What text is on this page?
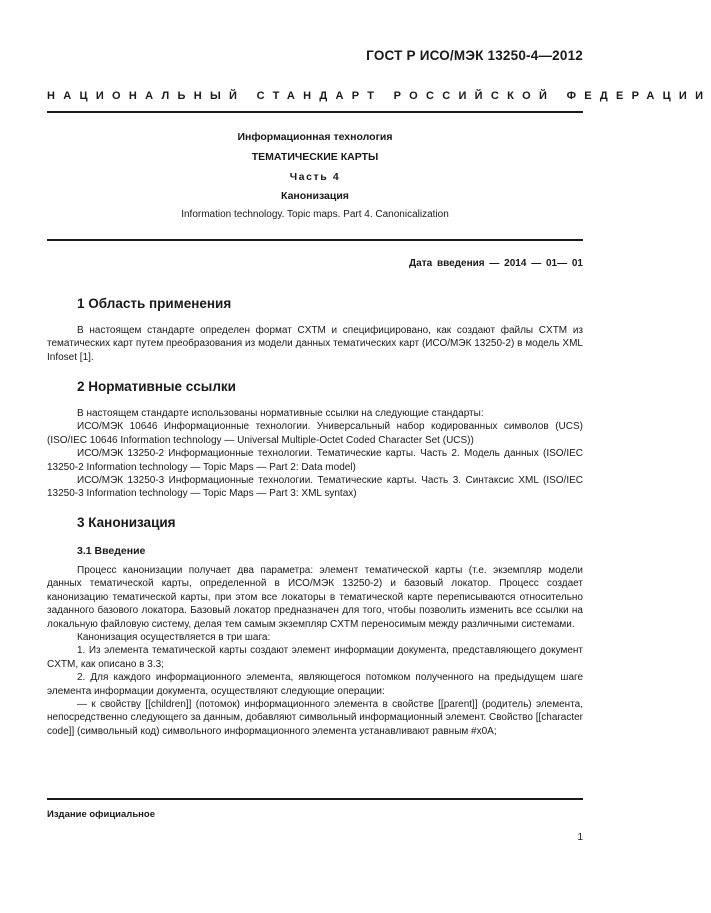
ГОСТ Р ИСО/МЭК 13250-4—2012
НАЦИОНАЛЬНЫЙ СТАНДАРТ РОССИЙСКОЙ ФЕДЕРАЦИИ
Информационная технология
ТЕМАТИЧЕСКИЕ КАРТЫ
Часть 4
Канонизация
Information technology. Topic maps. Part 4. Canonicalization
Дата введения — 2014 — 01— 01
1 Область применения

В настоящем стандарте определен формат CXTM и специфицировано, как создают файлы CXTM из тематических карт путем преобразования из модели данных тематических карт (ИСО/МЭК 13250-2) в модель XML Infoset [1].

2 Нормативные ссылки

В настоящем стандарте использованы нормативные ссылки на следующие стандарты:

ИСО/МЭК 10646 Информационные технологии. Универсальный набор кодированных символов (UCS) (ISO/IEC 10646 Information technology — Universal Multiple-Octet Coded Character Set (UCS))

ИСО/МЭК 13250-2 Информационные технологии. Тематические карты. Часть 2. Модель данных (ISO/IEC 13250-2 Information technology — Topic Maps — Part 2: Data model)

ИСО/МЭК 13250-3 Информационные технологии. Тематические карты. Часть 3. Синтаксис XML (ISO/IEC 13250-3 Information technology — Topic Maps — Part 3: XML syntax)

3 Канонизация
3.1 Введение

Процесс канонизации получает два параметра: элемент тематической карты (т.е. экземпляр модели данных тематической карты, определенной в ИСО/МЭК 13250-2) и базовый локатор. Процесс создает канонизацию тематической карты, при этом все локаторы в тематической карте переписываются относительно заданного базового локатора. Базовый локатор предназначен для того, чтобы позволить изменить все ссылки на локальную файловую систему, делая тем самым экземпляр CXTM переносимым между различными системами.

Канонизация осуществляется в три шага:

1. Из элемента тематической карты создают элемент информации документа, представляющего документ CXTM, как описано в 3.3;

2. Для каждого информационного элемента, являющегося потомком полученного на предыдущем шаге элемента информации документа, осуществляют следующие операции:

— к свойству [[children]] (потомок) информационного элемента в свойстве [[parent]] (родитель) элемента, непосредственно следующего за данным, добавляют символьный информационный элемент. Свойство [[character code]] (символьный код) символьного информационного элемента устанавливают равным #x0A;

Издание официальное
1
